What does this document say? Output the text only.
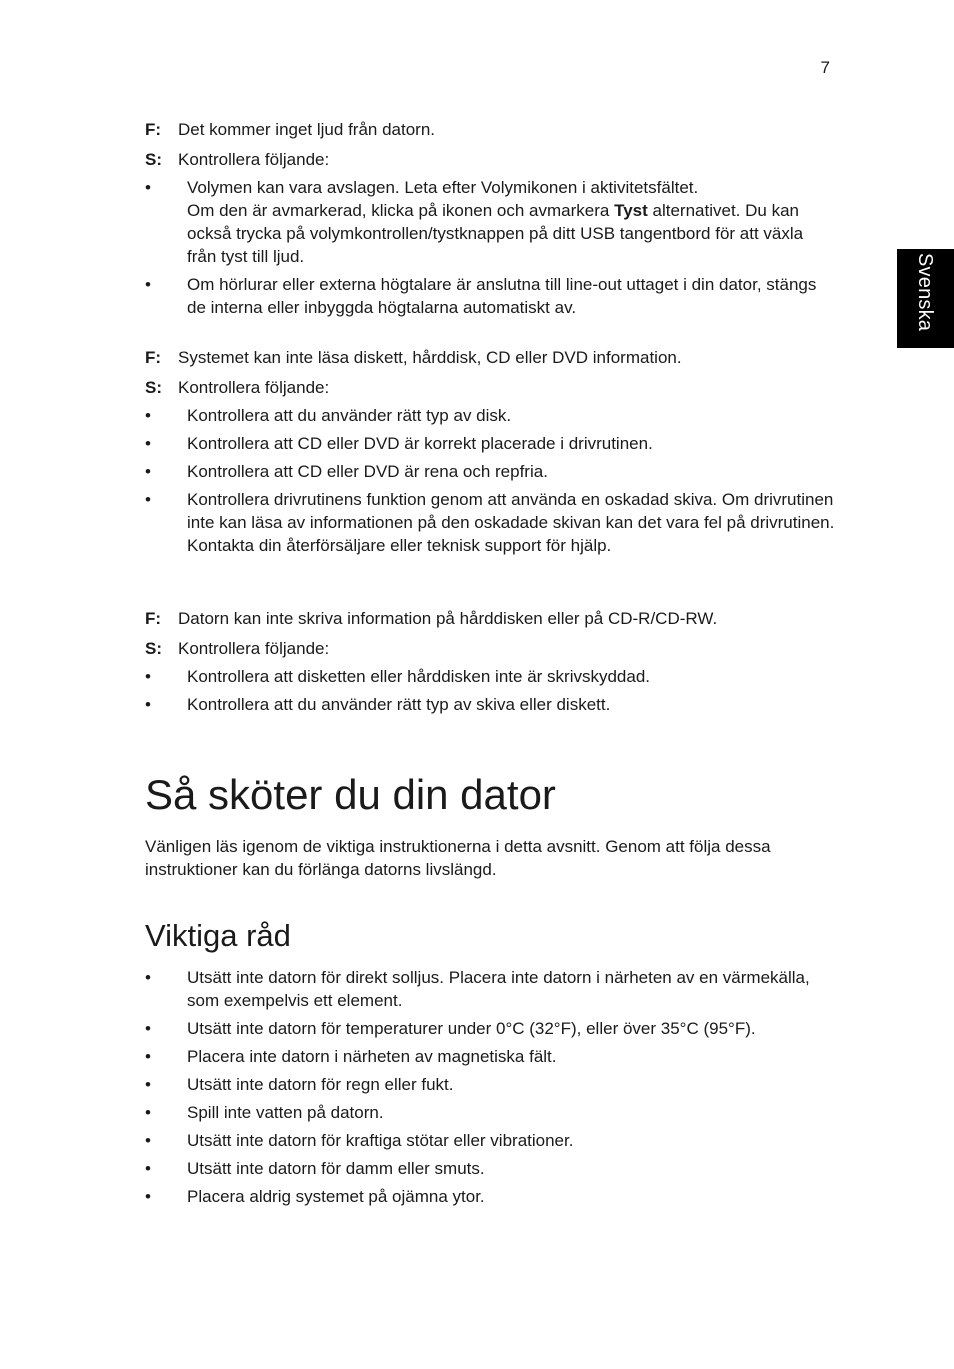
7
Svenska
F: Det kommer inget ljud från datorn.
S: Kontrollera följande:
• Volymen kan vara avslagen. Leta efter Volymikonen i aktivitetsfältet.
Om den är avmarkerad, klicka på ikonen och avmarkera Tyst alternativet. Du kan också trycka på volymkontrollen/tystknappen på ditt USB tangentbord för att växla från tyst till ljud.
• Om hörlurar eller externa högtalare är anslutna till line-out uttaget i din dator, stängs de interna eller inbyggda högtalarna automatiskt av.
F: Systemet kan inte läsa diskett, hårddisk, CD eller DVD information.
S: Kontrollera följande:
• Kontrollera att du använder rätt typ av disk.
• Kontrollera att CD eller DVD är korrekt placerade i drivrutinen.
• Kontrollera att CD eller DVD är rena och repfria.
• Kontrollera drivrutinens funktion genom att använda en oskadad skiva. Om drivrutinen inte kan läsa av informationen på den oskadade skivan kan det vara fel på drivrutinen. Kontakta din återförsäljare eller teknisk support för hjälp.
F: Datorn kan inte skriva information på hårddisken eller på CD-R/CD-RW.
S: Kontrollera följande:
• Kontrollera att disketten eller hårddisken inte är skrivskyddad.
• Kontrollera att du använder rätt typ av skiva eller diskett.
Så sköter du din dator

Vänligen läs igenom de viktiga instruktionerna i detta avsnitt. Genom att följa dessa instruktioner kan du förlänga datorns livslängd.

Viktiga råd
• Utsätt inte datorn för direkt solljus. Placera inte datorn i närheten av en värmekälla, som exempelvis ett element.
• Utsätt inte datorn för temperaturer under 0°C (32°F), eller över 35°C (95°F).
• Placera inte datorn i närheten av magnetiska fält.
• Utsätt inte datorn för regn eller fukt.
• Spill inte vatten på datorn.
• Utsätt inte datorn för kraftiga stötar eller vibrationer.
• Utsätt inte datorn för damm eller smuts.
• Placera aldrig systemet på ojämna ytor.
